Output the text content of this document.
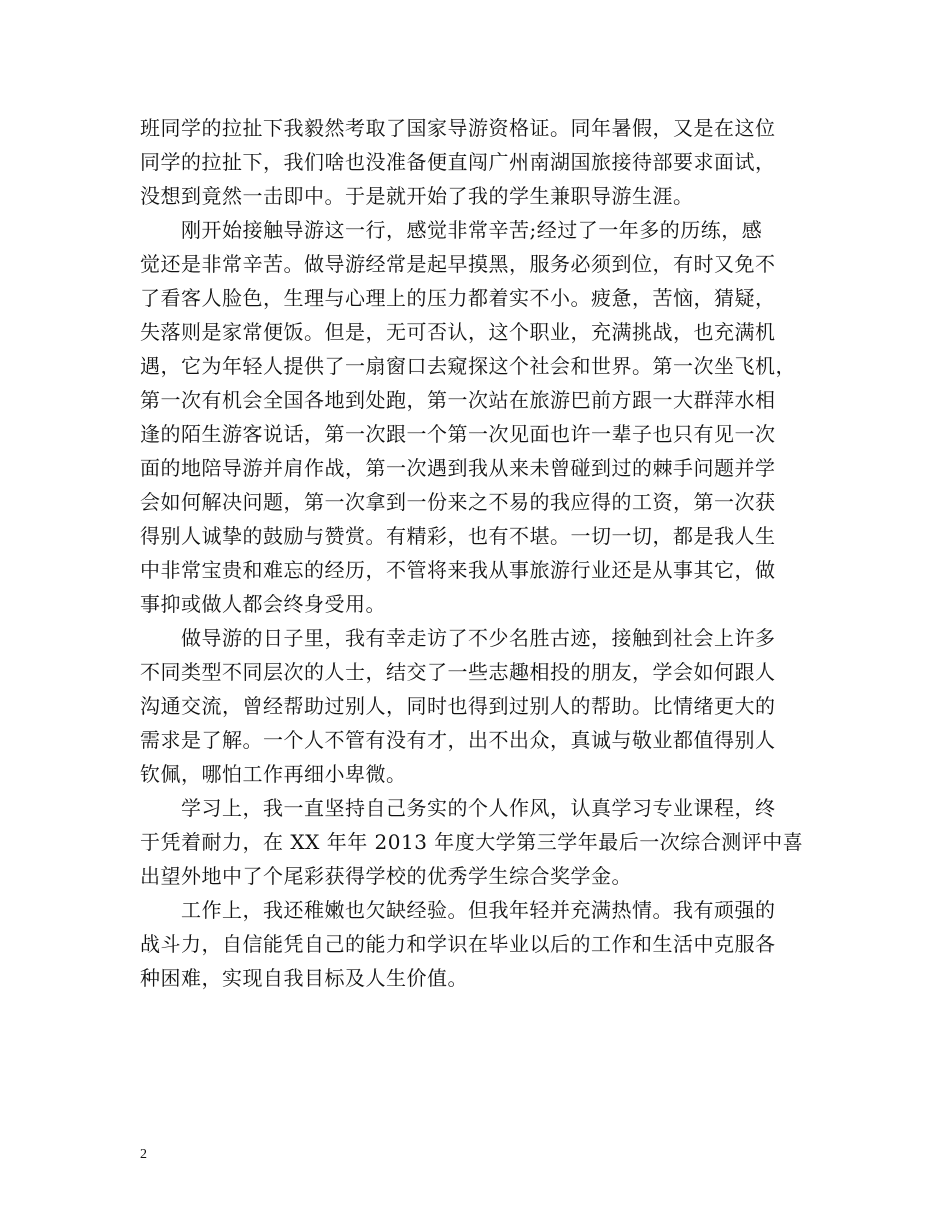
班同学的拉扯下我毅然考取了国家导游资格证。同年暑假，又是在这位
同学的拉扯下，我们啥也没准备便直闯广州南湖国旅接待部要求面试，
没想到竟然一击即中。于是就开始了我的学生兼职导游生涯。
刚开始接触导游这一行，感觉非常辛苦;经过了一年多的历练，感
觉还是非常辛苦。做导游经常是起早摸黑，服务必须到位，有时又免不
了看客人脸色，生理与心理上的压力都着实不小。疲惫，苦恼，猜疑，
失落则是家常便饭。但是，无可否认，这个职业，充满挑战，也充满机
遇，它为年轻人提供了一扇窗口去窥探这个社会和世界。第一次坐飞机，
第一次有机会全国各地到处跑，第一次站在旅游巴前方跟一大群萍水相
逢的陌生游客说话，第一次跟一个第一次见面也许一辈子也只有见一次
面的地陪导游并肩作战，第一次遇到我从来未曾碰到过的棘手问题并学
会如何解决问题，第一次拿到一份来之不易的我应得的工资，第一次获
得别人诚挚的鼓励与赞赏。有精彩，也有不堪。一切一切，都是我人生
中非常宝贵和难忘的经历，不管将来我从事旅游行业还是从事其它，做
事抑或做人都会终身受用。
做导游的日子里，我有幸走访了不少名胜古迹，接触到社会上许多
不同类型不同层次的人士，结交了一些志趣相投的朋友，学会如何跟人
沟通交流，曾经帮助过别人，同时也得到过别人的帮助。比情绪更大的
需求是了解。一个人不管有没有才，出不出众，真诚与敬业都值得别人
钦佩，哪怕工作再细小卑微。
学习上，我一直坚持自己务实的个人作风，认真学习专业课程，终
于凭着耐力，在 XX 年年 2013 年度大学第三学年最后一次综合测评中喜
出望外地中了个尾彩获得学校的优秀学生综合奖学金。
工作上，我还稚嫩也欠缺经验。但我年轻并充满热情。我有顽强的
战斗力，自信能凭自己的能力和学识在毕业以后的工作和生活中克服各
种困难，实现自我目标及人生价值。
2
